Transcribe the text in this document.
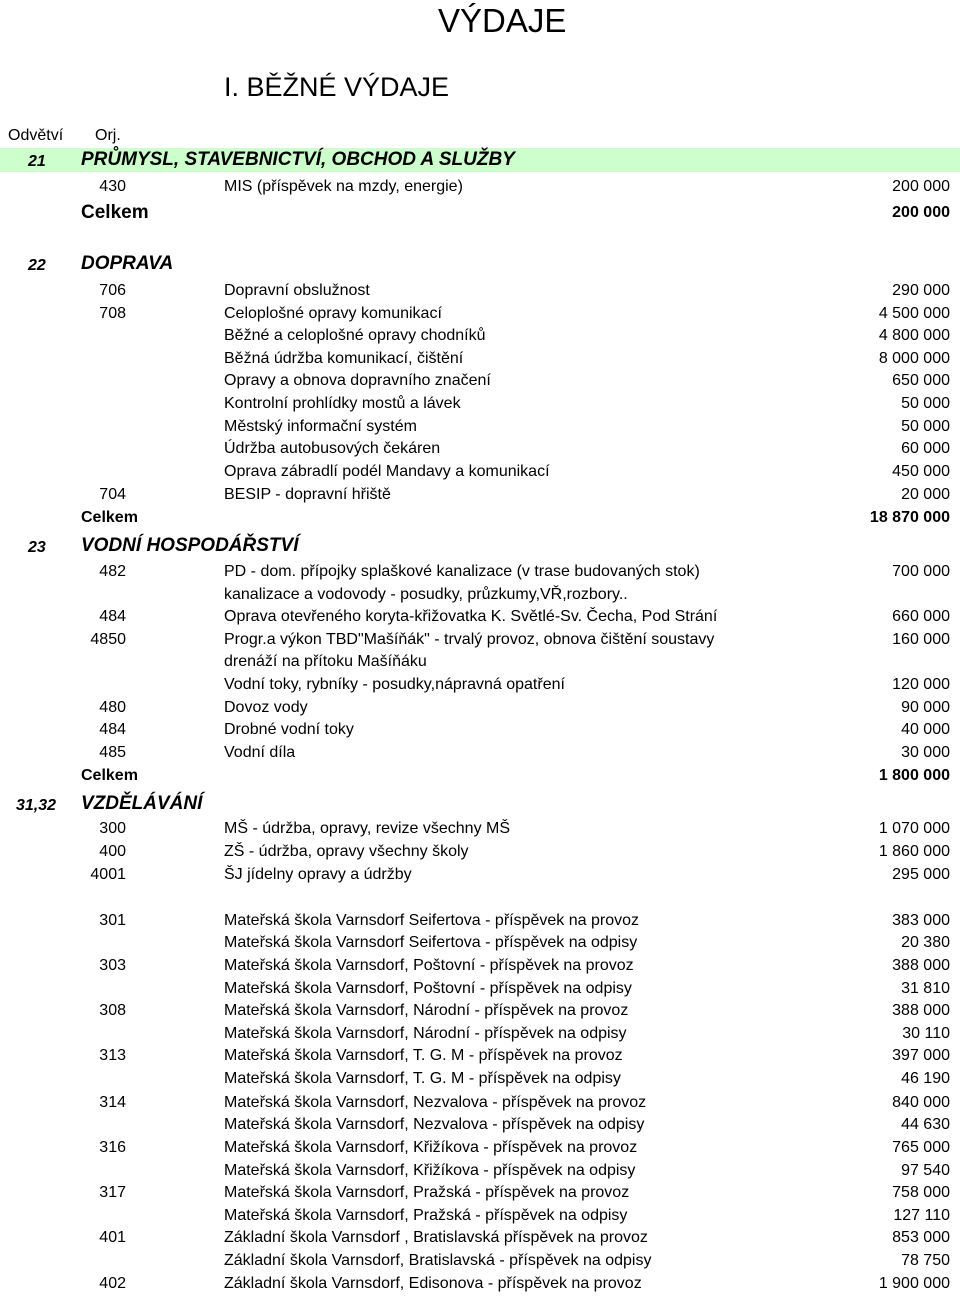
VÝDAJE
I. BĚŽNÉ VÝDAJE
Odvětví Orj.
21 PRŮMYSL, STAVEBNICTVÍ, OBCHOD A SLUŽBY
430	MIS (příspěvek na mzdy, energie)	200 000
Celkem	200 000
22 DOPRAVA
706	Dopravní obslužnost	290 000
708	Celoplošné opravy komunikací	4 500 000
Běžné a celoplošné opravy chodníků	4 800 000
Běžná údržba komunikací, čištění	8 000 000
Opravy a obnova dopravního značení	650 000
Kontrolní prohlídky mostů a lávek	50 000
Městský informační systém	50 000
Údržba autobusových čekáren	60 000
Oprava zábradlí podél Mandavy a komunikací	450 000
704	BESIP - dopravní hřiště	20 000
Celkem	18 870 000
23 VODNÍ HOSPODÁŘSTVÍ
482	PD - dom. přípojky splaškové kanalizace (v trase budovaných stok)	700 000
kanalizace a vodovody - posudky, průzkumy,VŘ,rozbory..
484	Oprava otevřeného koryta-křižovatka K. Světlé-Sv. Čecha, Pod Strání	660 000
4850	Progr.a výkon TBD"Mašíňák" - trvalý provoz, obnova čištění soustavy	160 000
drenáží na přítoku Mašíňáku
Vodní toky, rybníky - posudky,nápravná opatření	120 000
480	Dovoz vody	90 000
484	Drobné vodní toky	40 000
485	Vodní díla	30 000
Celkem	1 800 000
31,32 VZDĚLÁVÁNÍ
300	MŠ - údržba, opravy, revize všechny MŠ	1 070 000
400	ZŠ - údržba, opravy všechny školy	1 860 000
4001	ŠJ jídelny opravy a údržby	295 000
301	Mateřská škola Varnsdorf Seifertova - příspěvek na provoz	383 000
Mateřská škola Varnsdorf Seifertova - příspěvek na odpisy	20 380
303	Mateřská škola Varnsdorf, Poštovní - příspěvek na provoz	388 000
Mateřská škola Varnsdorf, Poštovní - příspěvek na odpisy	31 810
308	Mateřská škola Varnsdorf, Národní - příspěvek na provoz	388 000
Mateřská škola Varnsdorf, Národní - příspěvek na odpisy	30 110
313	Mateřská škola Varnsdorf, T. G. M - příspěvek na provoz	397 000
Mateřská škola Varnsdorf, T. G. M - příspěvek na odpisy	46 190
314	Mateřská škola Varnsdorf, Nezvalova - příspěvek na provoz	840 000
Mateřská škola Varnsdorf, Nezvalova - příspěvek na odpisy	44 630
316	Mateřská škola Varnsdorf, Křižíkova - příspěvek na provoz	765 000
Mateřská škola Varnsdorf, Křižíkova - příspěvek na odpisy	97 540
317	Mateřská škola Varnsdorf, Pražská - příspěvek na provoz	758 000
Mateřská škola Varnsdorf, Pražská - příspěvek na odpisy	127 110
401	Základní škola Varnsdorf , Bratislavská příspěvek na provoz	853 000
Základní škola Varnsdorf, Bratislavská - příspěvek na odpisy	78 750
402	Základní škola Varnsdorf, Edisonova - příspěvek na provoz	1 900 000
